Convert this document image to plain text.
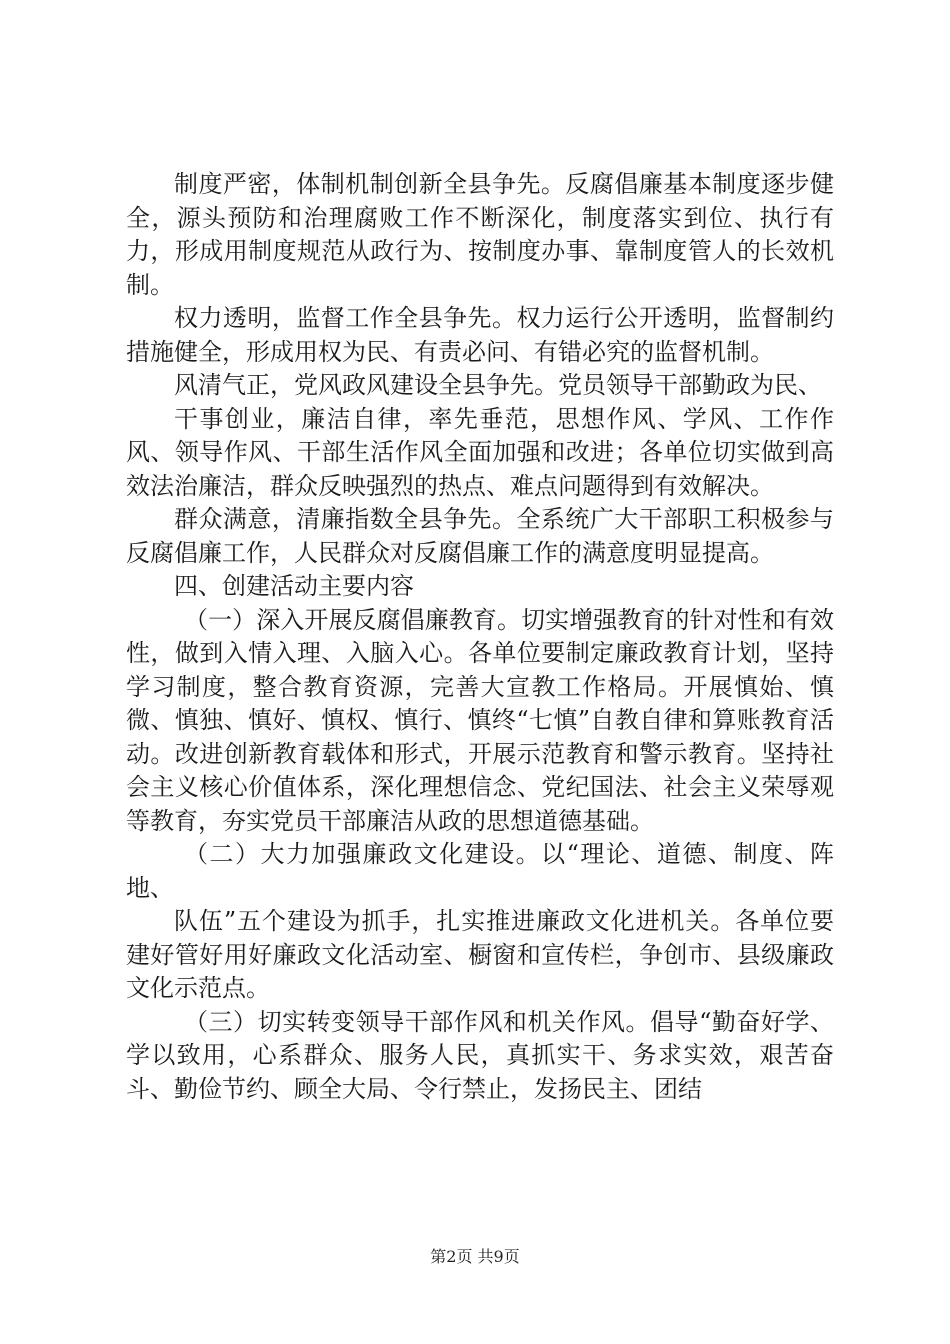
制度严密，体制机制创新全县争先。反腐倡廉基本制度逐步健全，源头预防和治理腐败工作不断深化，制度落实到位、执行有力，形成用制度规范从政行为、按制度办事、靠制度管人的长效机制。

权力透明，监督工作全县争先。权力运行公开透明，监督制约措施健全，形成用权为民、有责必问、有错必究的监督机制。

风清气正，党风政风建设全县争先。党员领导干部勤政为民、

干事创业，廉洁自律，率先垂范，思想作风、学风、工作作风、领导作风、干部生活作风全面加强和改进；各单位切实做到高效法治廉洁，群众反映强烈的热点、难点问题得到有效解决。

群众满意，清廉指数全县争先。全系统广大干部职工积极参与反腐倡廉工作，人民群众对反腐倡廉工作的满意度明显提高。

四、创建活动主要内容

（一）深入开展反腐倡廉教育。切实增强教育的针对性和有效性，做到入情入理、入脑入心。各单位要制定廉政教育计划，坚持学习制度，整合教育资源，完善大宣教工作格局。开展慎始、慎微、慎独、慎好、慎权、慎行、慎终“七慎”自教自律和算账教育活动。改进创新教育载体和形式，开展示范教育和警示教育。坚持社会主义核心价值体系，深化理想信念、党纪国法、社会主义荣辱观等教育，夯实党员干部廉洁从政的思想道德基础。

（二）大力加强廉政文化建设。以“理论、道德、制度、阵地、

队伍”五个建设为抓手，扎实推进廉政文化进机关。各单位要建好管好用好廉政文化活动室、橱窗和宣传栏，争创市、县级廉政文化示范点。

（三）切实转变领导干部作风和机关作风。倡导“勤奋好学、学以致用，心系群众、服务人民，真抓实干、务求实效，艰苦奋斗、勤俭节约、顾全大局、令行禁止，发扬民主、团结

第2页 共9页
